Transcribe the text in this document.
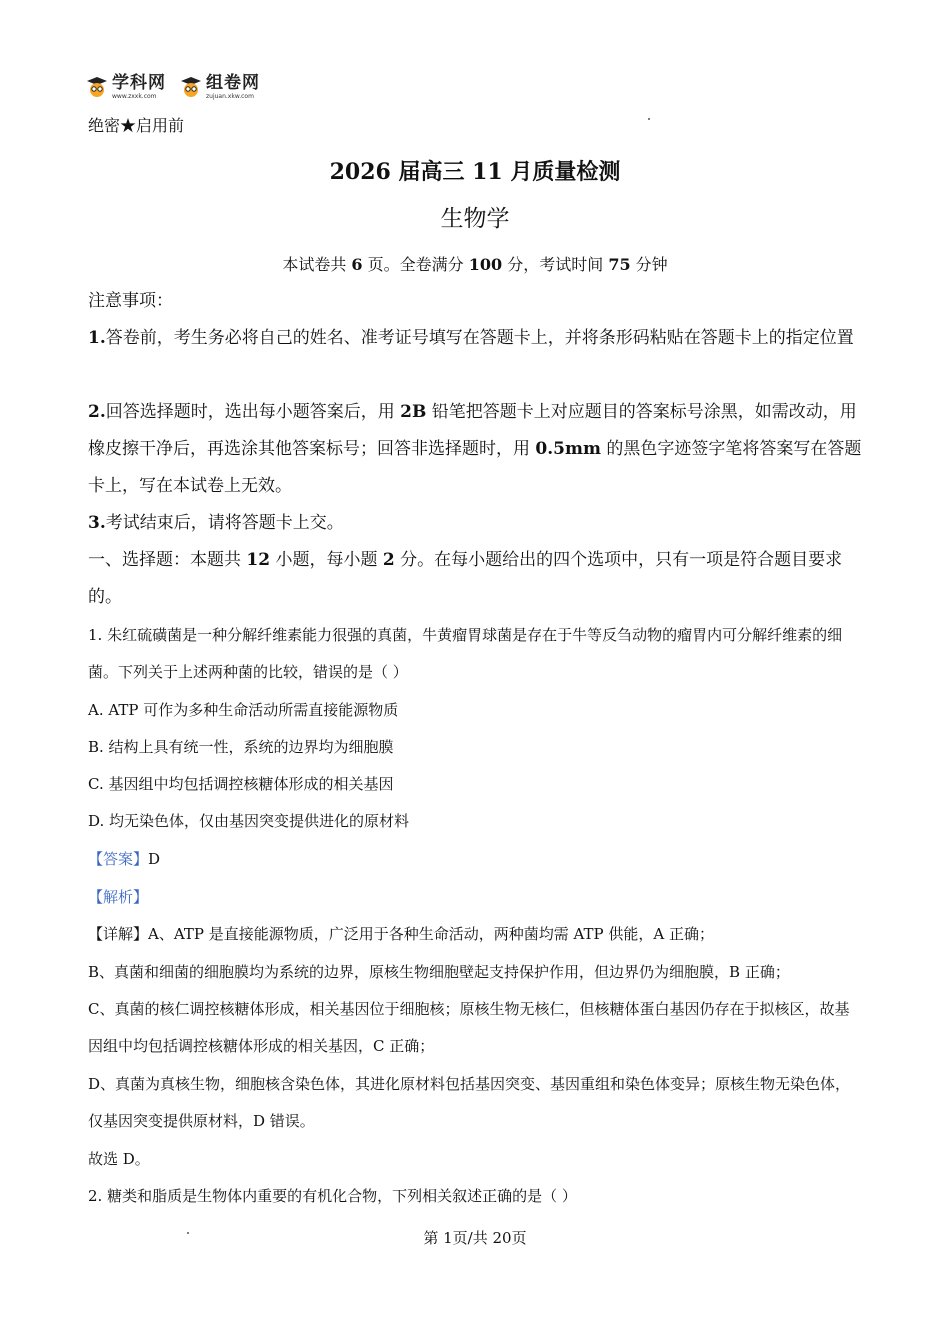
学科网
www.zxxk.com
组卷网
zujuan.xkw.com
绝密★启用前
2026 届高三 11 月质量检测
生物学
本试卷共 6 页。全卷满分 100 分，考试时间 75 分钟
注意事项：
1.答卷前，考生务必将自己的姓名、准考证号填写在答题卡上，并将条形码粘贴在答题卡上的指定位置
2.回答选择题时，选出每小题答案后，用 2B 铅笔把答题卡上对应题目的答案标号涂黑，如需改动，用橡皮擦干净后，再选涂其他答案标号；回答非选择题时，用 0.5mm 的黑色字迹签字笔将答案写在答题卡上，写在本试卷上无效。
3.考试结束后，请将答题卡上交。
一、选择题：本题共 12 小题，每小题 2 分。在每小题给出的四个选项中，只有一项是符合题目要求的。
1. 朱红硫磺菌是一种分解纤维素能力很强的真菌，牛黄瘤胃球菌是存在于牛等反刍动物的瘤胃内可分解纤维素的细菌。下列关于上述两种菌的比较，错误的是（ ）
A. ATP 可作为多种生命活动所需直接能源物质
B. 结构上具有统一性，系统的边界均为细胞膜
C. 基因组中均包括调控核糖体形成的相关基因
D. 均无染色体，仅由基因突变提供进化的原材料
【答案】D
【解析】
【详解】A、ATP 是直接能源物质，广泛用于各种生命活动，两种菌均需 ATP 供能，A 正确；
B、真菌和细菌的细胞膜均为系统的边界，原核生物细胞壁起支持保护作用，但边界仍为细胞膜，B 正确；
C、真菌的核仁调控核糖体形成，相关基因位于细胞核；原核生物无核仁，但核糖体蛋白基因仍存在于拟核区，故基因组中均包括调控核糖体形成的相关基因，C 正确；
D、真菌为真核生物，细胞核含染色体，其进化原材料包括基因突变、基因重组和染色体变异；原核生物无染色体，仅基因突变提供原材料，D 错误。
故选 D。
2. 糖类和脂质是生物体内重要的有机化合物，下列相关叙述正确的是（ ）
第 1页/共 20页
